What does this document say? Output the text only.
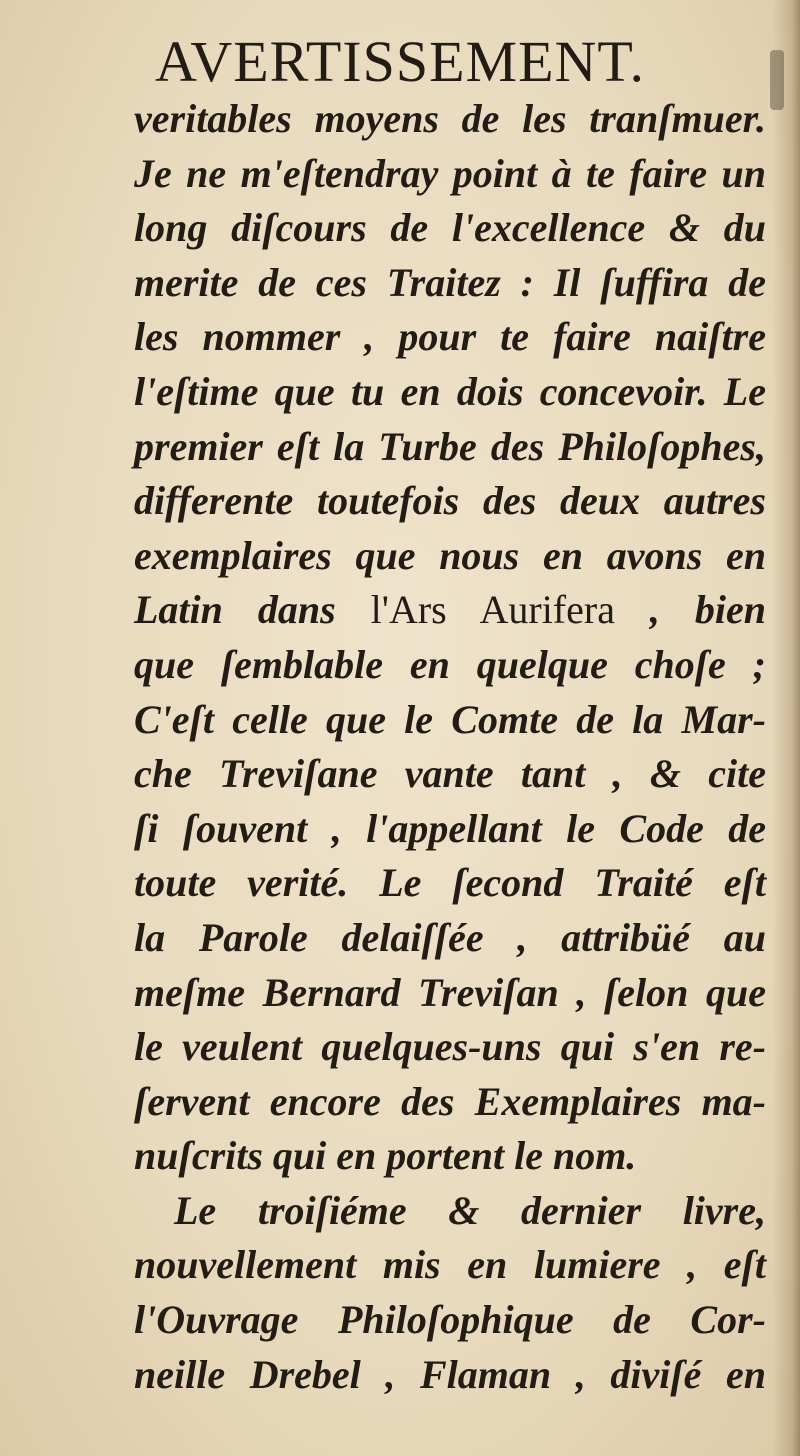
AVERTISSEMENT.
veritables moyens de les tranſmuer.
Je ne m'eſtendray point à te faire un
long diſcours de l'excellence & du
merite de ces Traitez : Il ſuffira de
les nommer , pour te faire naiſtre
l'eſtime que tu en dois concevoir. Le
premier eſt la Turbe des Philoſophes,
differente toutefois des deux autres
exemplaires que nous en avons en
Latin dans l'Ars Aurifera , bien
que ſemblable en quelque choſe ;
C'eſt celle que le Comte de la Mar-
che Treviſane vante tant , & cite
ſi ſouvent , l'appellant le Code de
toute verité. Le ſecond Traité eſt
la Parole delaiſſée , attribüé au
meſme Bernard Treviſan , ſelon que
le veulent quelques-uns qui s'en re-
ſervent encore des Exemplaires ma-
nuſcrits qui en portent le nom.
Le troiſiéme & dernier livre,
nouvellement mis en lumiere , eſt
l'Ouvrage Philoſophique de Cor-
neille Drebel , Flaman , diviſé en
